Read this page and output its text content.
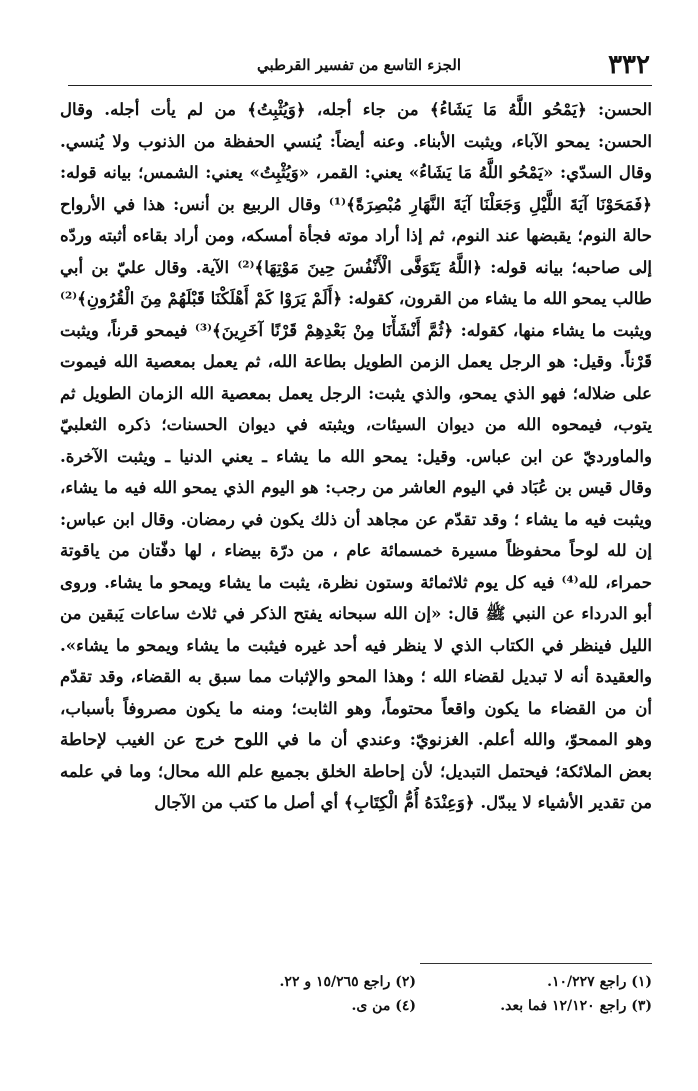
٣٣٢
الجزء التاسع من تفسير القرطبي
الحسن: ﴿يَمْحُو اللَّهُ مَا يَشَاءُ﴾ من جاء أجله، ﴿وَيُثْبِتُ﴾ من لم يأت أجله. وقال
الحسن: يمحو الآباء، ويثبت الأبناء. وعنه أيضاً: يُنسي الحفظة من الذنوب ولا يُنسي.
وقال السدّي: «يَمْحُو اللَّهُ مَا يَشَاءُ» يعني: القمر، «وَيُثْبِتُ» يعني: الشمس؛ بيانه قوله:
﴿فَمَحَوْنَا آيَةَ اللَّيْلِ وَجَعَلْنَا آيَةَ النَّهَارِ مُبْصِرَةً﴾⁽¹⁾ وقال الربيع بن أنس: هذا في الأرواح
حالة النوم؛ يقبضها عند النوم، ثم إذا أراد موته فجأة أمسكه، ومن أراد بقاءه أثبته وردّه
إلى صاحبه؛ بيانه قوله: ﴿اللَّهُ يَتَوَفَّى الْأَنْفُسَ حِينَ مَوْتِهَا﴾⁽²⁾ الآية. وقال عليّ بن أبي
طالب يمحو الله ما يشاء من القرون، كقوله: ﴿أَلَمْ يَرَوْا كَمْ أَهْلَكْنَا قَبْلَهُمْ مِنَ الْقُرُونِ﴾⁽²⁾
ويثبت ما يشاء منها، كقوله: ﴿ثُمَّ أَنْشَأْنَا مِنْ بَعْدِهِمْ قَرْنًا آخَرِينَ﴾⁽³⁾ فيمحو قرناً، ويثبت
قَرْناً. وقيل: هو الرجل يعمل الزمن الطويل بطاعة الله، ثم يعمل بمعصية الله فيموت
على ضلاله؛ فهو الذي يمحو، والذي يثبت: الرجل يعمل بمعصية الله الزمان الطويل ثم
يتوب، فيمحوه الله من ديوان السيئات، ويثبته في ديوان الحسنات؛ ذكره الثعلبيّ
والماورديّ عن ابن عباس. وقيل: يمحو الله ما يشاء ـ يعني الدنيا ـ ويثبت الآخرة.
وقال قيس بن عُبَاد في اليوم العاشر من رجب: هو اليوم الذي يمحو الله فيه ما يشاء،
ويثبت فيه ما يشاء ؛ وقد تقدّم عن مجاهد أن ذلك يكون في رمضان. وقال ابن عباس:
إن لله لوحاً محفوظاً مسيرة خمسمائة عام ، من درّة بيضاء ، لها دفّتان من ياقوتة
حمراء، لله⁽⁴⁾ فيه كل يوم ثلاثمائة وستون نظرة، يثبت ما يشاء ويمحو ما يشاء. وروى
أبو الدرداء عن النبي ﷺ قال: «إن الله سبحانه يفتح الذكر في ثلاث ساعات يَبقين من
الليل فينظر في الكتاب الذي لا ينظر فيه أحد غيره فيثبت ما يشاء ويمحو ما يشاء».
والعقيدة أنه لا تبديل لقضاء الله ؛ وهذا المحو والإثبات مما سبق به القضاء، وقد تقدّم
أن من القضاء ما يكون واقعاً محتوماً، وهو الثابت؛ ومنه ما يكون مصروفاً بأسباب،
وهو الممحوّ، والله أعلم. الغزنويّ: وعندي أن ما في اللوح خرج عن الغيب لإحاطة
بعض الملائكة؛ فيحتمل التبديل؛ لأن إحاطة الخلق بجميع علم الله محال؛ وما في علمه
من تقدير الأشياء لا يبدّل. ﴿وَعِنْدَهُ أُمُّ الْكِتَابِ﴾ أي أصل ما كتب من الآجال
(١) راجع ١٠/٢٢٧.
(٢) راجع ١٥/٢٦٥ و ٢٢.
(٣) راجع ١٢/١٢٠ فما بعد.
(٤) من ى.
